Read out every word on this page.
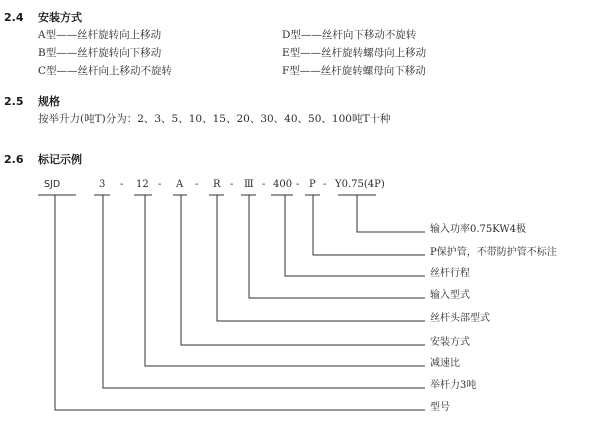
2.4 安装方式
A型——丝杆旋转向上移动	D型——丝杆向下移动不旋转
B型——丝杆旋转向下移动	E型——丝杆旋转螺母向上移动
C型——丝杆向上移动不旋转	F型——丝杆旋转螺母向下移动
2.5 规格
按举升力(吨T)分为：2、3、5、10、15、20、30、40、50、100吨T十种
2.6 标记示例
SJD	3 - 12 - A - R - Ⅲ - 400 - P - Y0.75(4P)
输入功率0.75KW4极
P保护管，不带防护管不标注
丝杆行程
输入型式
丝杆头部型式
安装方式
减速比
举杆力3吨
型号
